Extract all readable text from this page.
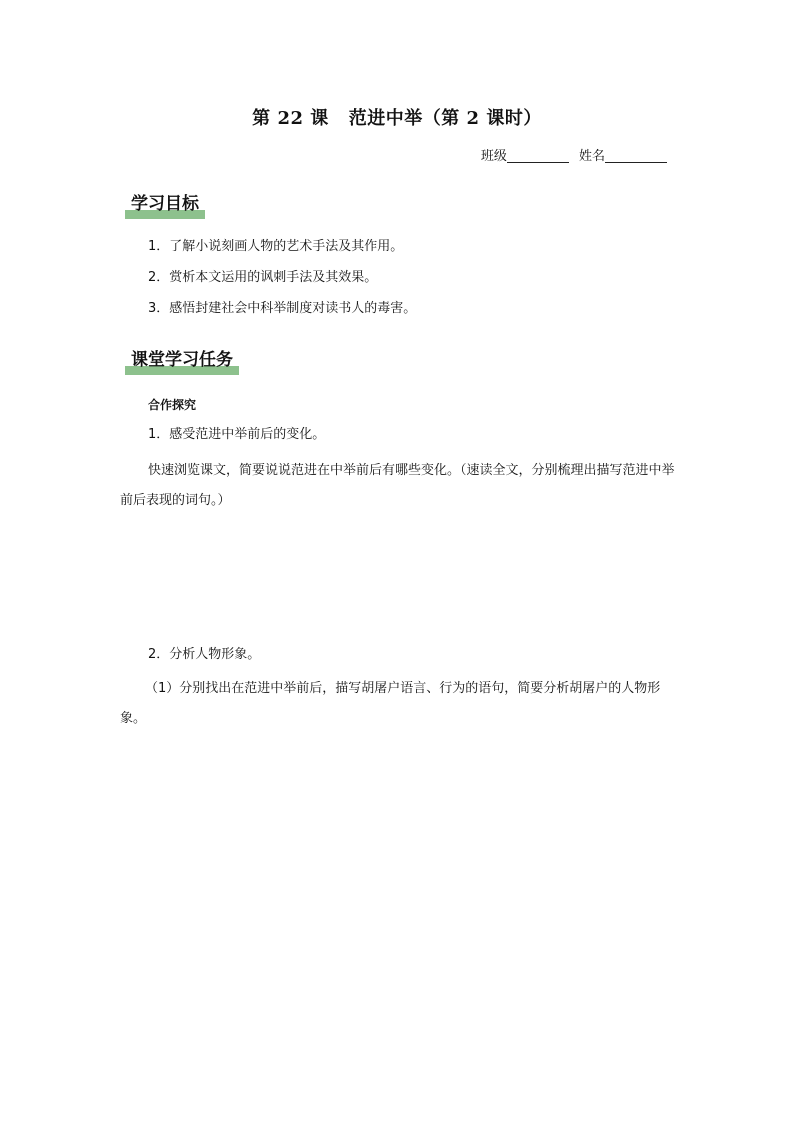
第 22 课 范进中举（第 2 课时）
班级	姓名
学习目标
1．了解小说刻画人物的艺术手法及其作用。
2．赏析本文运用的讽刺手法及其效果。
3．感悟封建社会中科举制度对读书人的毒害。
课堂学习任务
合作探究
1．感受范进中举前后的变化。
快速浏览课文，简要说说范进在中举前后有哪些变化。（速读全文，分别梳理出描写范进中举前后表现的词句。）
2．分析人物形象。
（1）分别找出在范进中举前后，描写胡屠户语言、行为的语句，简要分析胡屠户的人物形象。
